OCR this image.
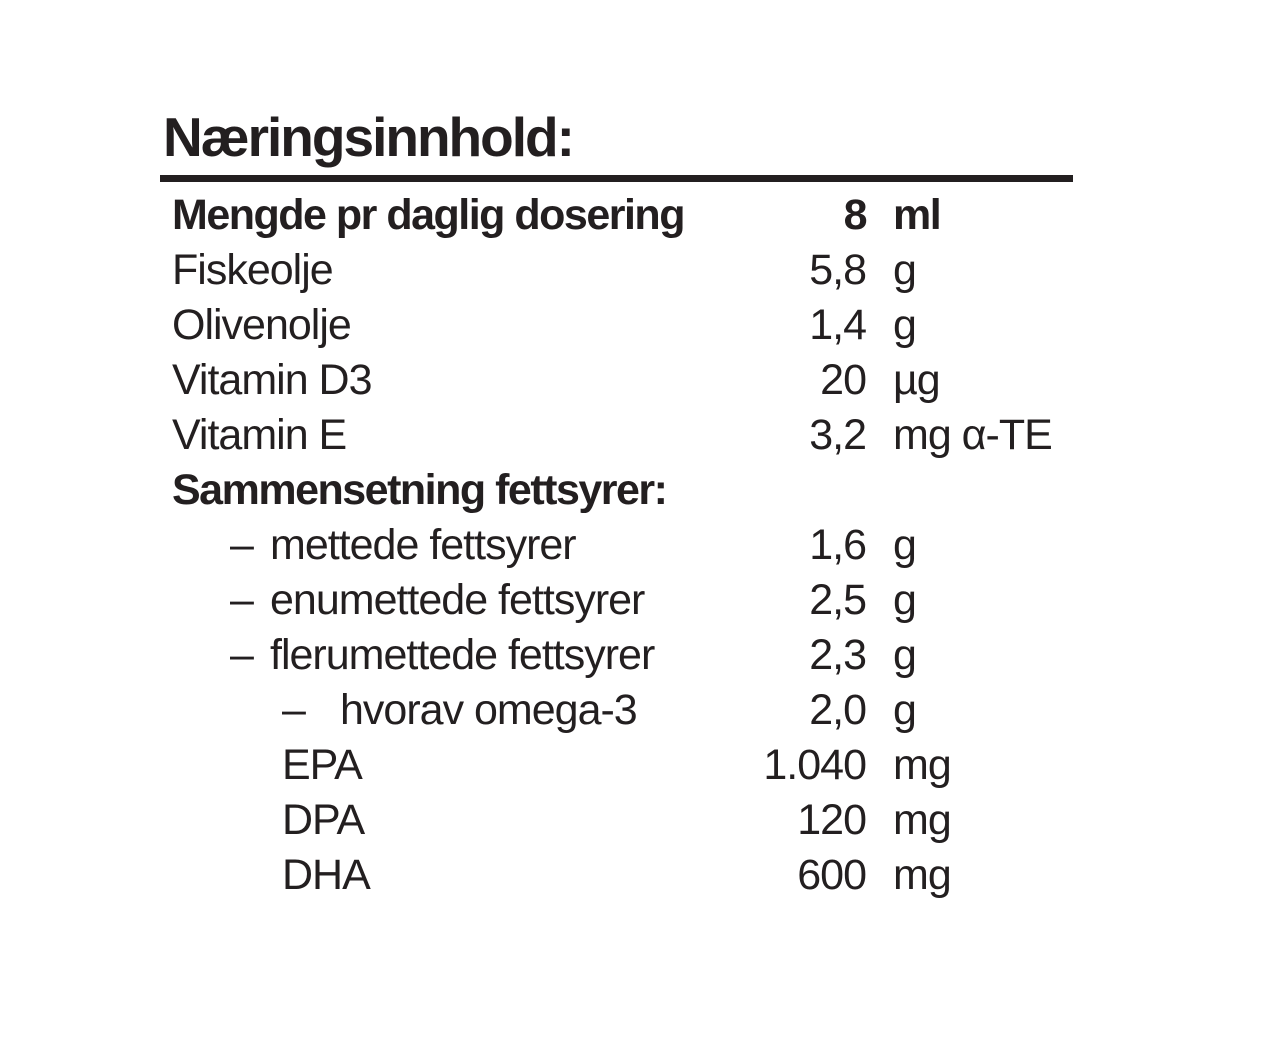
Næringsinnhold:
Mengde pr daglig dosering	8 ml
Fiskeolje	5,8 g
Olivenolje	1,4 g
Vitamin D3	20 µg
Vitamin E	3,2 mg α-TE
Sammensetning fettsyrer:
– mettede fettsyrer	1,6 g
– enumettede fettsyrer	2,5 g
– flerumettede fettsyrer	2,3 g
– hvorav omega-3	2,0 g
EPA	1.040 mg
DPA	120 mg
DHA	600 mg
